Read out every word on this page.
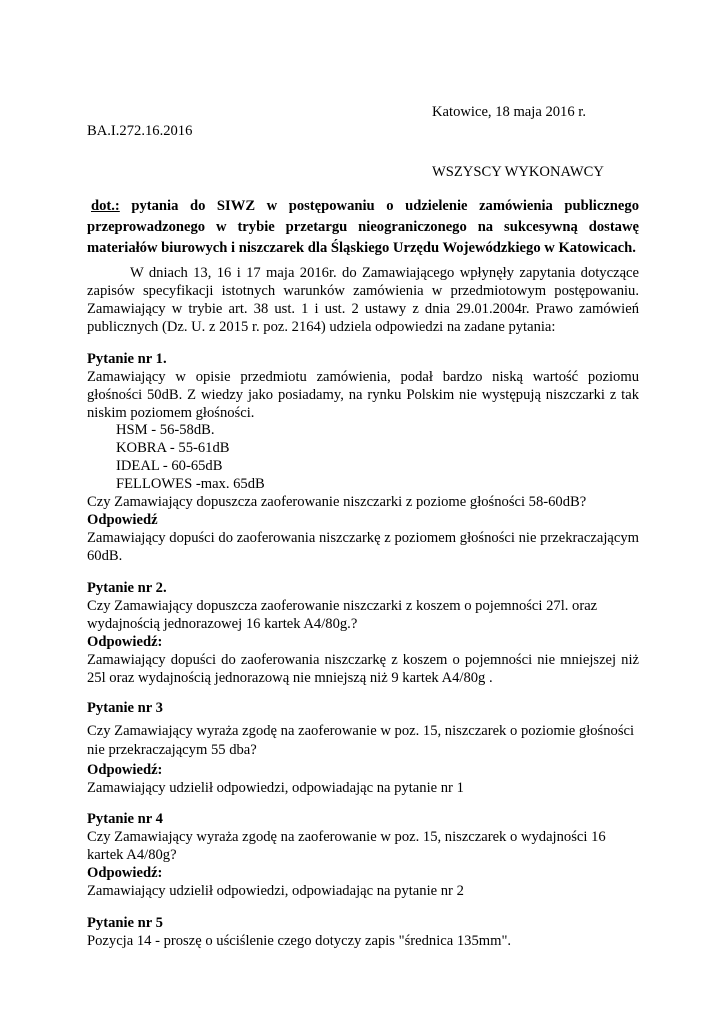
Katowice, 18 maja 2016 r.
BA.I.272.16.2016
WSZYSCY WYKONAWCY
dot.: pytania do SIWZ w postępowaniu o udzielenie zamówienia publicznego
przeprowadzonego w trybie przetargu nieograniczonego na sukcesywną dostawę
materiałów biurowych i niszczarek dla Śląskiego Urzędu Wojewódzkiego w Katowicach.
W dniach 13, 16 i 17 maja 2016r. do Zamawiającego wpłynęły zapytania dotyczące
zapisów specyfikacji istotnych warunków zamówienia w przedmiotowym postępowaniu.
Zamawiający w trybie art. 38 ust. 1 i ust. 2 ustawy z dnia 29.01.2004r. Prawo zamówień
publicznych (Dz. U. z 2015 r. poz. 2164) udziela odpowiedzi na zadane pytania:
Pytanie nr 1.
Zamawiający w opisie przedmiotu zamówienia, podał bardzo niską wartość poziomu
głośności 50dB. Z wiedzy jako posiadamy, na rynku Polskim nie występują niszczarki z tak
niskim poziomem głośności.
HSM - 56-58dB.
KOBRA - 55-61dB
IDEAL - 60-65dB
FELLOWES -max. 65dB
Czy Zamawiający dopuszcza zaoferowanie niszczarki z poziome głośności 58-60dB?
Odpowiedź
Zamawiający dopuści do zaoferowania niszczarkę z poziomem głośności nie przekraczającym
60dB.
Pytanie nr 2.
Czy Zamawiający dopuszcza zaoferowanie niszczarki z koszem o pojemności 27l. oraz
wydajnością jednorazowej 16 kartek A4/80g.?
Odpowiedź:
Zamawiający dopuści do zaoferowania niszczarkę z koszem o pojemności nie mniejszej niż
25l oraz wydajnością jednorazową nie mniejszą niż 9 kartek A4/80g .
Pytanie nr 3
Czy Zamawiający wyraża zgodę na zaoferowanie w poz. 15, niszczarek o poziomie głośności
nie przekraczającym 55 dba?
Odpowiedź:
Zamawiający udzielił odpowiedzi, odpowiadając na pytanie nr 1
Pytanie nr 4
Czy Zamawiający wyraża zgodę na zaoferowanie w poz. 15, niszczarek o wydajności 16
kartek A4/80g?
Odpowiedź:
Zamawiający udzielił odpowiedzi, odpowiadając na pytanie nr 2
Pytanie nr 5
Pozycja 14 - proszę o uściślenie czego dotyczy zapis "średnica 135mm".
